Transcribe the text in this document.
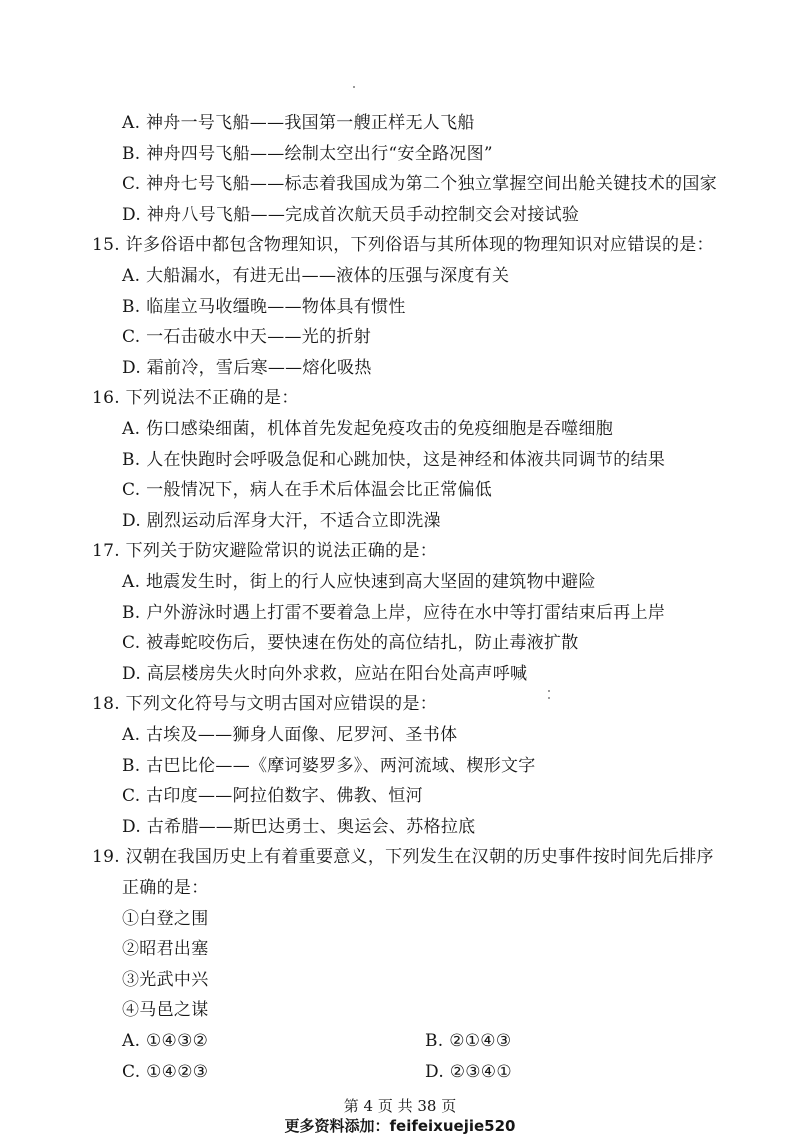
A. 神舟一号飞船——我国第一艘正样无人飞船
B. 神舟四号飞船——绘制太空出行“安全路况图”
C. 神舟七号飞船——标志着我国成为第二个独立掌握空间出舱关键技术的国家
D. 神舟八号飞船——完成首次航天员手动控制交会对接试验
15. 许多俗语中都包含物理知识，下列俗语与其所体现的物理知识对应错误的是：
A. 大船漏水，有进无出——液体的压强与深度有关
B. 临崖立马收缰晚——物体具有惯性
C. 一石击破水中天——光的折射
D. 霜前冷，雪后寒——熔化吸热
16. 下列说法不正确的是：
A. 伤口感染细菌，机体首先发起免疫攻击的免疫细胞是吞噬细胞
B. 人在快跑时会呼吸急促和心跳加快，这是神经和体液共同调节的结果
C. 一般情况下，病人在手术后体温会比正常偏低
D. 剧烈运动后浑身大汗，不适合立即洗澡
17. 下列关于防灾避险常识的说法正确的是：
A. 地震发生时，街上的行人应快速到高大坚固的建筑物中避险
B. 户外游泳时遇上打雷不要着急上岸，应待在水中等打雷结束后再上岸
C. 被毒蛇咬伤后，要快速在伤处的高位结扎，防止毒液扩散
D. 高层楼房失火时向外求救，应站在阳台处高声呼喊
18. 下列文化符号与文明古国对应错误的是：
A. 古埃及——狮身人面像、尼罗河、圣书体
B. 古巴比伦——《摩诃婆罗多》、两河流域、楔形文字
C. 古印度——阿拉伯数字、佛教、恒河
D. 古希腊——斯巴达勇士、奥运会、苏格拉底
19. 汉朝在我国历史上有着重要意义，下列发生在汉朝的历史事件按时间先后排序
正确的是：
①白登之围
②昭君出塞
③光武中兴
④马邑之谋
A. ①④③②	B. ②①④③
第 4 页 共 38 页
更多资料添加：feifeixuejie520
C. ①④②③	D. ②③④①
